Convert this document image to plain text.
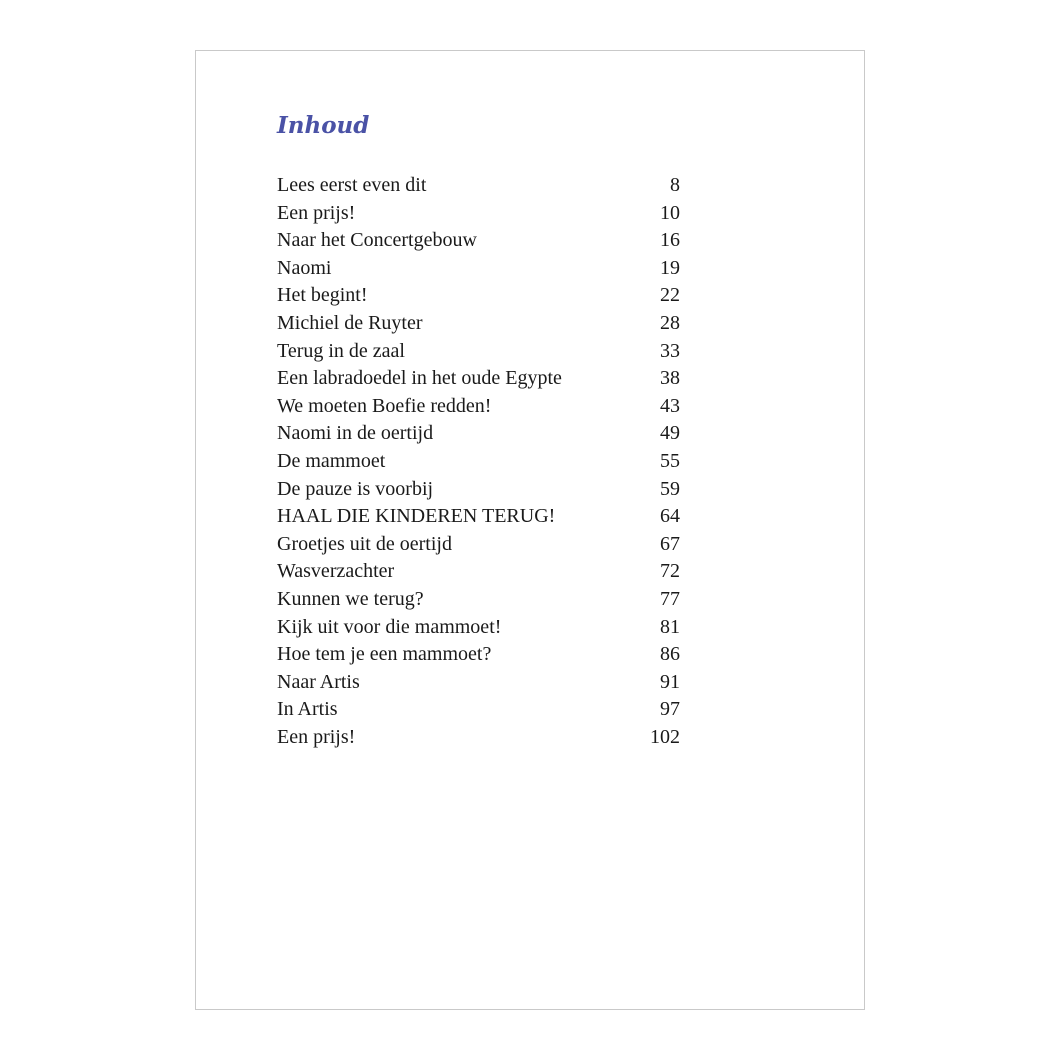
Inhoud
Lees eerst even dit	8
Een prijs!	10
Naar het Concertgebouw	16
Naomi	19
Het begint!	22
Michiel de Ruyter	28
Terug in de zaal	33
Een labradoedel in het oude Egypte	38
We moeten Boefie redden!	43
Naomi in de oertijd	49
De mammoet	55
De pauze is voorbij	59
HAAL DIE KINDEREN TERUG!	64
Groetjes uit de oertijd	67
Wasverzachter	72
Kunnen we terug?	77
Kijk uit voor die mammoet!	81
Hoe tem je een mammoet?	86
Naar Artis	91
In Artis	97
Een prijs!	102
